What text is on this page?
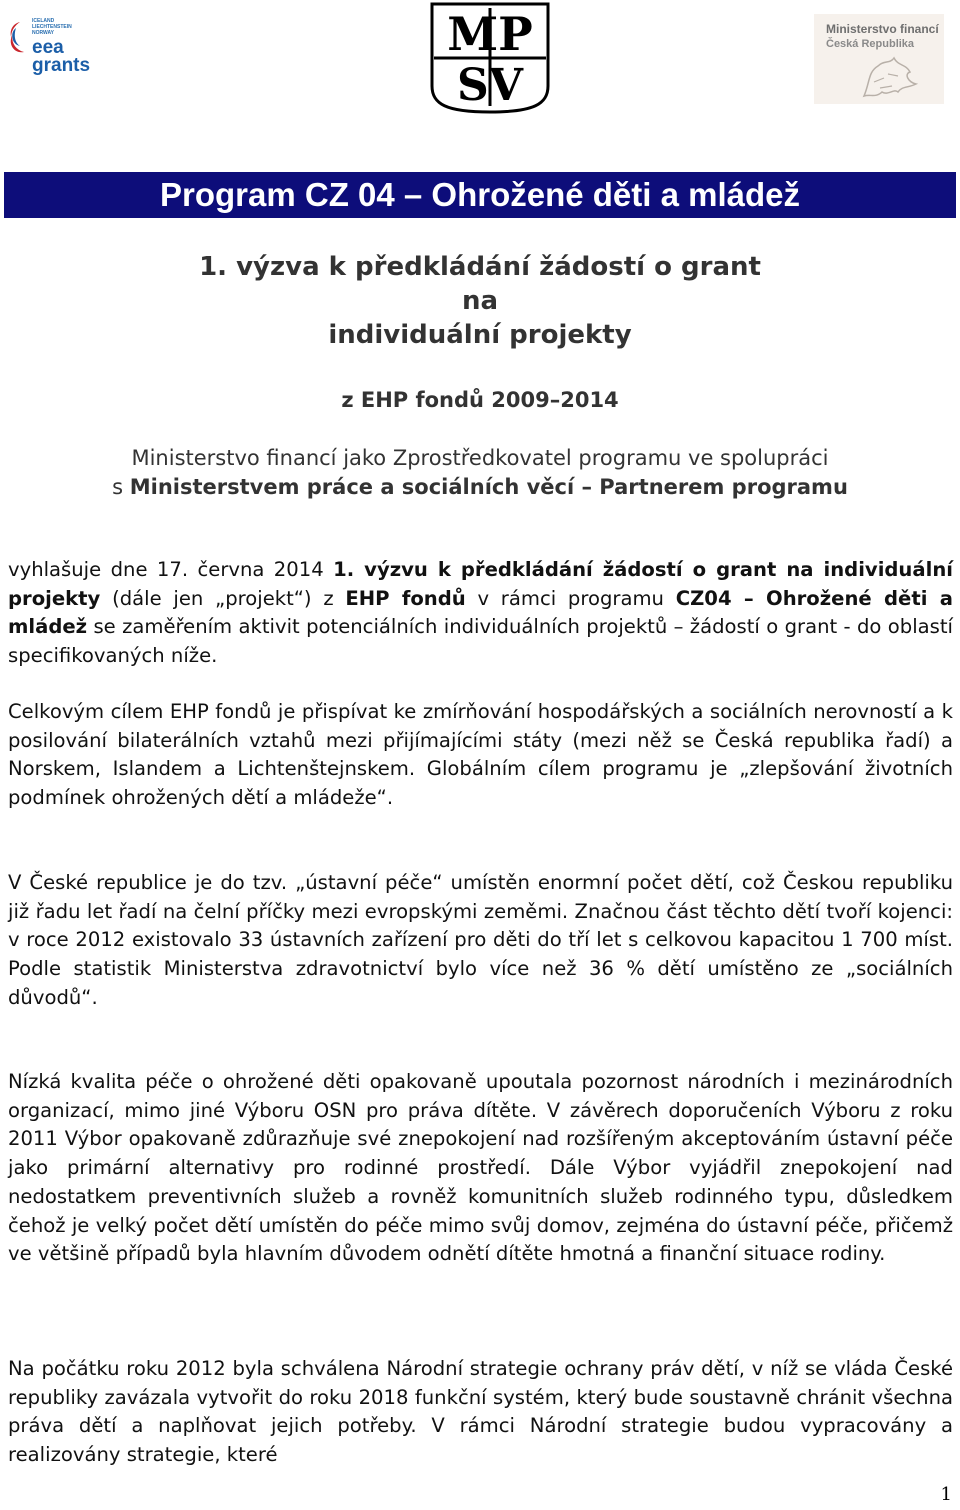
ICELAND
LIECHTENSTEIN
NORWAY
eea
grants
MP
SV
Ministerstvo financí
Česká Republika
Program CZ 04 – Ohrožené děti a mládež
1. výzva k předkládání žádostí o grant
na
individuální projekty
z EHP fondů 2009–2014
Ministerstvo financí jako Zprostředkovatel programu ve spolupráci
s Ministerstvem práce a sociálních věcí – Partnerem programu
vyhlašuje dne 17. června 2014 1. výzvu k předkládání žádostí o grant na individuální projekty (dále jen „projekt“) z EHP fondů v rámci programu CZ04 – Ohrožené děti a mládež se zaměřením aktivit potenciálních individuálních projektů – žádostí o grant - do oblastí specifikovaných níže.
Celkovým cílem EHP fondů je přispívat ke zmírňování hospodářských a sociálních nerovností a k posilování bilaterálních vztahů mezi přijímajícími státy (mezi něž se Česká republika řadí) a Norskem, Islandem a Lichtenštejnskem. Globálním cílem programu je „zlepšování životních podmínek ohrožených dětí a mládeže“.
V České republice je do tzv. „ústavní péče“ umístěn enormní počet dětí, což Českou republiku již řadu let řadí na čelní příčky mezi evropskými zeměmi. Značnou část těchto dětí tvoří kojenci: v roce 2012 existovalo 33 ústavních zařízení pro děti do tří let s celkovou kapacitou 1 700 míst. Podle statistik Ministerstva zdravotnictví bylo více než 36 % dětí umístěno ze „sociálních důvodů“.
Nízká kvalita péče o ohrožené děti opakovaně upoutala pozornost národních i mezinárodních organizací, mimo jiné Výboru OSN pro práva dítěte. V závěrech doporučeních Výboru z roku 2011 Výbor opakovaně zdůrazňuje své znepokojení nad rozšířeným akceptováním ústavní péče jako primární alternativy pro rodinné prostředí. Dále Výbor vyjádřil znepokojení nad nedostatkem preventivních služeb a rovněž komunitních služeb rodinného typu, důsledkem čehož je velký počet dětí umístěn do péče mimo svůj domov, zejména do ústavní péče, přičemž ve většině případů byla hlavním důvodem odnětí dítěte hmotná a finanční situace rodiny.
Na počátku roku 2012 byla schválena Národní strategie ochrany práv dětí, v níž se vláda České republiky zavázala vytvořit do roku 2018 funkční systém, který bude soustavně chránit všechna práva dětí a naplňovat jejich potřeby. V rámci Národní strategie budou vypracovány a realizovány strategie, které
1
